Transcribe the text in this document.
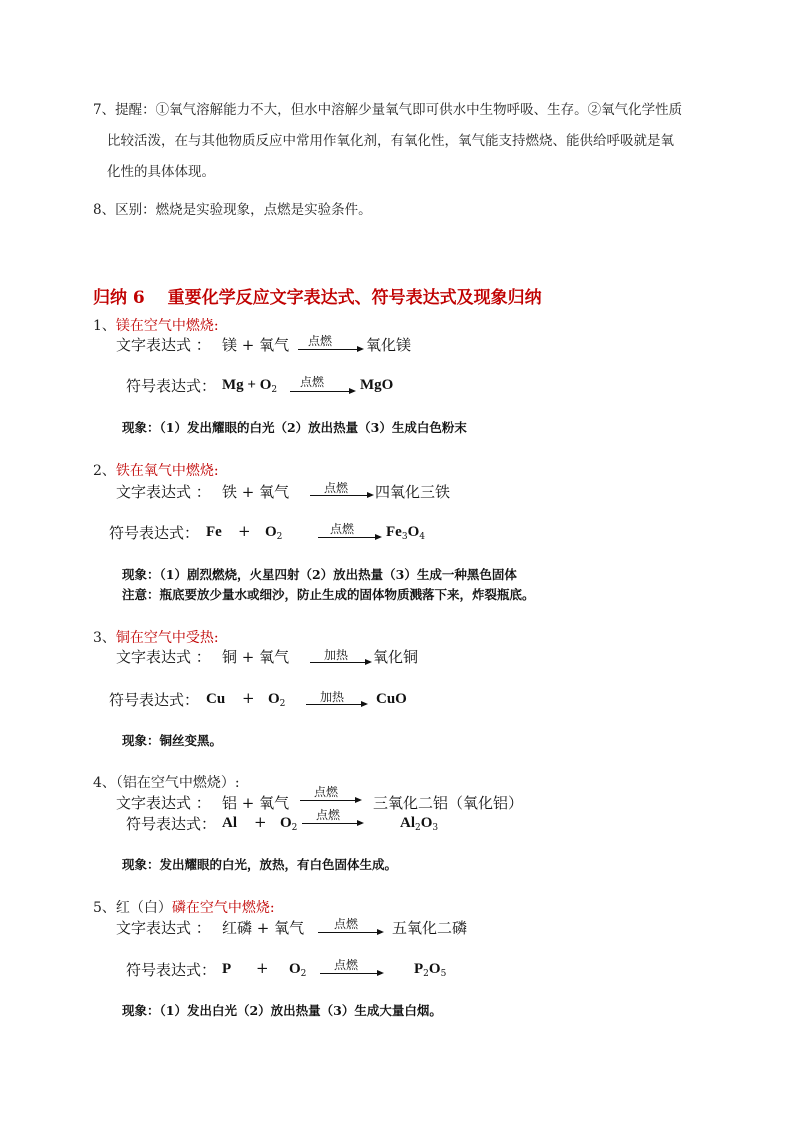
7、提醒：①氧气溶解能力不大，但水中溶解少量氧气即可供水中生物呼吸、生存。②氧气化学性质
比较活泼，在与其他物质反应中常用作氧化剂，有氧化性，氧气能支持燃烧、能供给呼吸就是氧
化性的具体体现。
8、区别：燃烧是实验现象，点燃是实验条件。
归纳 6　 重要化学反应文字表达式、符号表达式及现象归纳
1、镁在空气中燃烧:
文字表达式 ： 镁 + 氧气 点燃 氧化镁
符号表达式： $Mg + O_2$
点燃 MgO
现象：（1）发出耀眼的白光（2）放出热量（3）生成白色粉末
2、铁在氧气中燃烧:
文字表达式 ： 铁 + 氧气	点燃 四氧化三铁
符号表达式： $Fe + O_2$
点燃 $Fe_3O_4$
现象：（1）剧烈燃烧，火星四射（2）放出热量（3）生成一种黑色固体
注意：瓶底要放少量水或细沙，防止生成的固体物质溅落下来，炸裂瓶底。
3、铜在空气中受热:
文字表达式 ： 铜 + 氧气	加热 氧化铜
符号表达式： $Cu + O_2$	加热 CuO
现象：铜丝变黑。
4、（铝在空气中燃烧）:
文字表达式 ： 铝 + 氧气
点燃
三氧化二铝（氧化铝）
符号表达式： $Al + O_2$
点燃	$Al_2O_3$
现象：发出耀眼的白光，放热，有白色固体生成。
5、红（白）磷在空气中燃烧:
文字表达式 ： 红磷 + 氧气 点燃 五氧化二磷
符号表达式： $P + O_2$
点燃	$P_2O_5$
现象：（1）发出白光（2）放出热量（3）生成大量白烟。
